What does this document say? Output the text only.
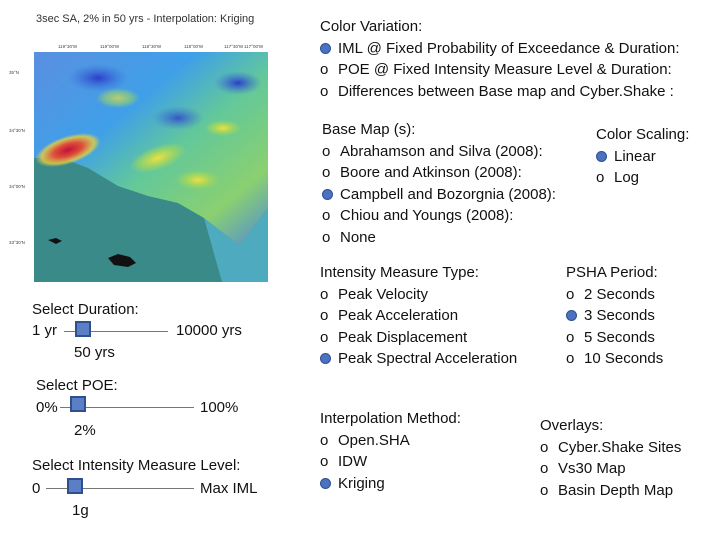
3sec SA, 2% in 50 yrs - Interpolation: Kriging
119°30'W	119°00'W	118°30'W	118°00'W	117°30'W 117°00'W
35°N
34°30'N
34°00'N
33°30'N
Color Variation:
IML @ Fixed Probability of Exceedance & Duration:
o POE @ Fixed Intensity Measure Level & Duration:
o Differences between Base map and Cyber.Shake :
Base Map (s):
o Abrahamson and Silva (2008):
o Boore and Atkinson (2008):
Campbell and Bozorgnia (2008):
o Chiou and Youngs (2008):
o None
Color Scaling:
Linear
o Log
Intensity Measure Type:
o Peak Velocity
o Peak Acceleration
o Peak Displacement
Peak Spectral Acceleration
PSHA Period:
o 2 Seconds
3 Seconds
o 5 Seconds
o 10 Seconds
Interpolation Method:
o Open.SHA
o IDW
Kriging
Overlays:
o Cyber.Shake Sites
o Vs30 Map
o Basin Depth Map
Select Duration:
1 yr	10000 yrs
50 yrs
Select POE:
0%	100%
2%
Select Intensity Measure Level:
0	Max IML
1g
